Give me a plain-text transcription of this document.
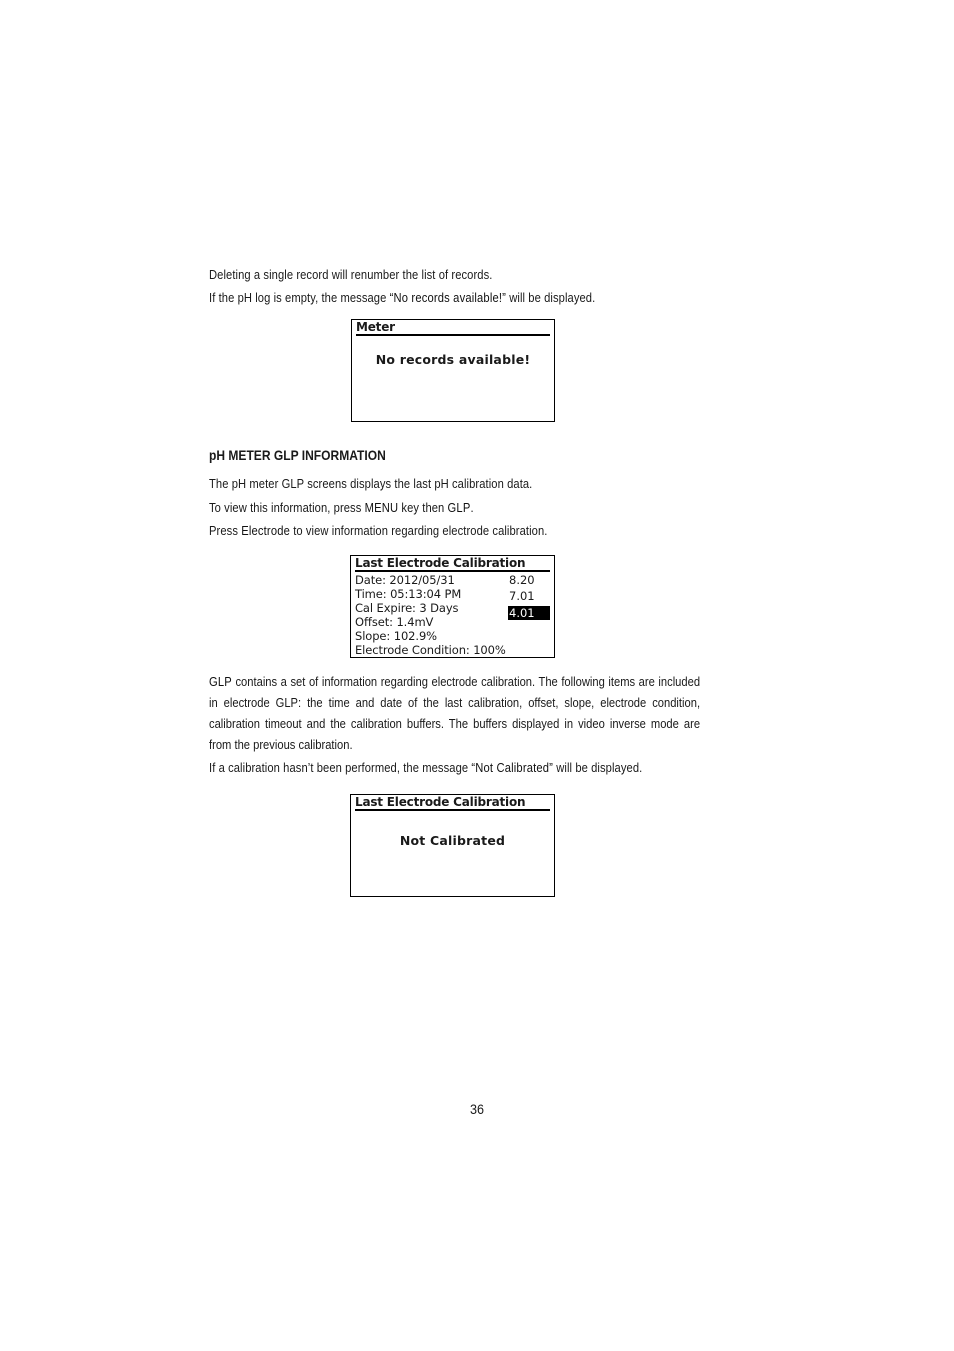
Deleting a single record will renumber the list of records.
If the pH log is empty, the message “No records available!” will be displayed.
Meter
No records available!
pH METER GLP INFORMATION
The pH meter GLP screens displays the last pH calibration data.
To view this information, press MENU key then GLP.
Press Electrode to view information regarding electrode calibration.
Last Electrode Calibration
Date: 2012/05/31
Time: 05:13:04 PM
Cal Expire: 3 Days
Offset: 1.4mV
Slope: 102.9%
Electrode Condition: 100%
8.20
7.01
4.01
GLP contains a set of information regarding electrode calibration. The following items are included in electrode GLP: the time and date of the last calibration, offset, slope, electrode condition, calibration timeout and the calibration buffers. The buffers displayed in video inverse mode are from the previous calibration.
If a calibration hasn’t been performed, the message “Not Calibrated” will be displayed.
Last Electrode Calibration
Not Calibrated
36
